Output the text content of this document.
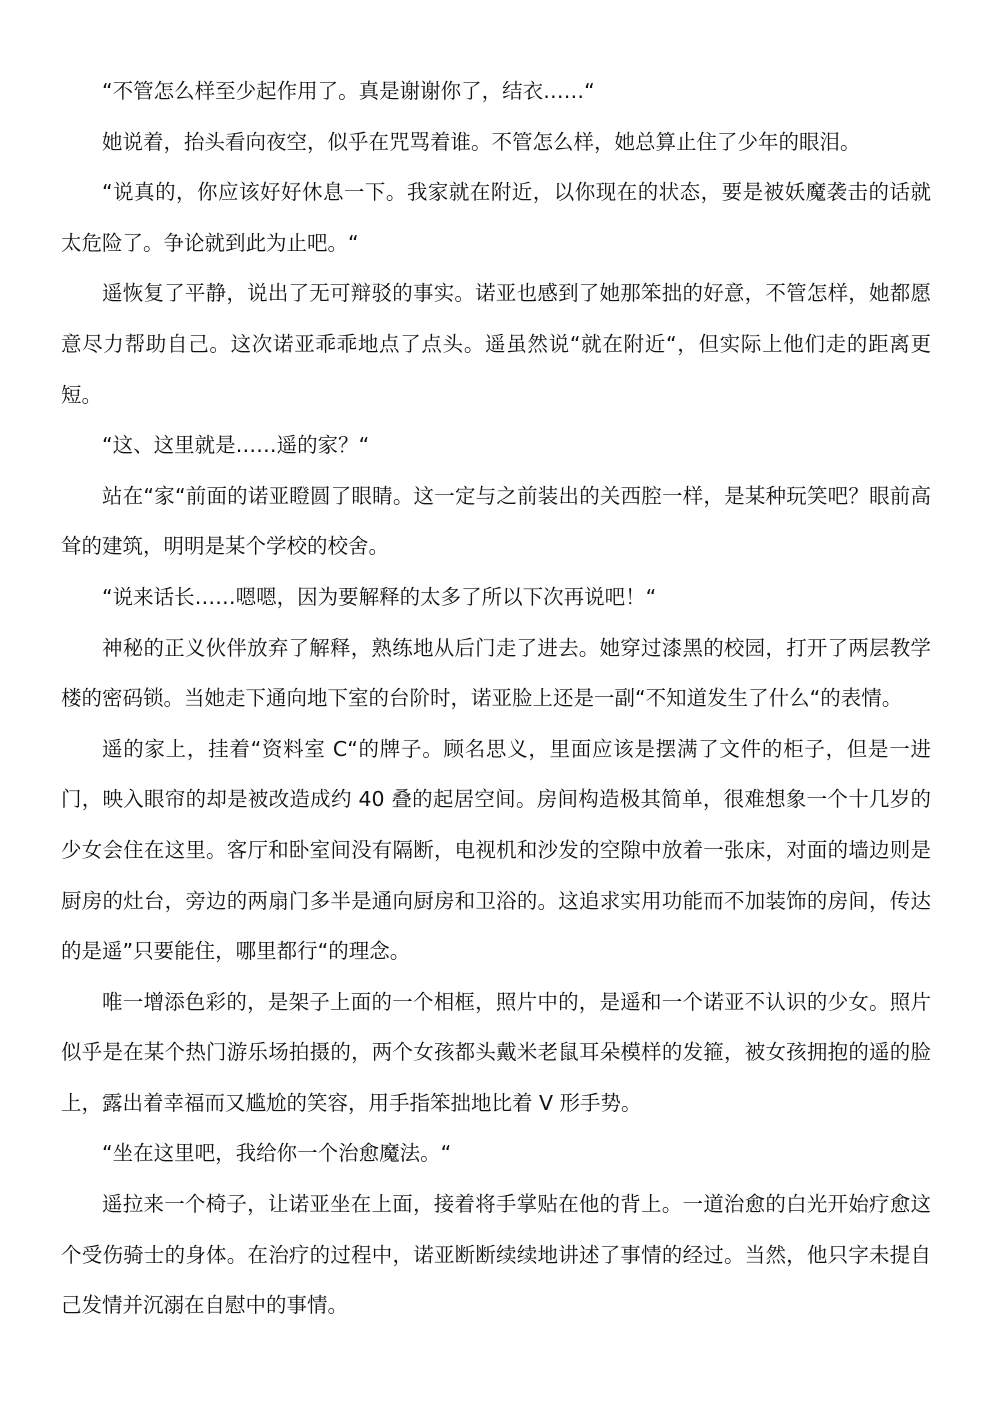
“不管怎么样至少起作用了。真是谢谢你了，结衣……“

她说着，抬头看向夜空，似乎在咒骂着谁。不管怎么样，她总算止住了少年的眼泪。

“说真的，你应该好好休息一下。我家就在附近，以你现在的状态，要是被妖魔袭击的话就太危险了。争论就到此为止吧。“

遥恢复了平静，说出了无可辩驳的事实。诺亚也感到了她那笨拙的好意，不管怎样，她都愿意尽力帮助自己。这次诺亚乖乖地点了点头。遥虽然说“就在附近“，但实际上他们走的距离更短。

“这、这里就是……遥的家？“

站在“家“前面的诺亚瞪圆了眼睛。这一定与之前装出的关西腔一样，是某种玩笑吧？眼前高耸的建筑，明明是某个学校的校舍。

“说来话长……嗯嗯，因为要解释的太多了所以下次再说吧！“

神秘的正义伙伴放弃了解释，熟练地从后门走了进去。她穿过漆黑的校园，打开了两层教学楼的密码锁。当她走下通向地下室的台阶时，诺亚脸上还是一副“不知道发生了什么“的表情。

遥的家上，挂着“资料室 C“的牌子。顾名思义，里面应该是摆满了文件的柜子，但是一进门，映入眼帘的却是被改造成约 40 叠的起居空间。房间构造极其简单，很难想象一个十几岁的少女会住在这里。客厅和卧室间没有隔断，电视机和沙发的空隙中放着一张床，对面的墙边则是厨房的灶台，旁边的两扇门多半是通向厨房和卫浴的。这追求实用功能而不加装饰的房间，传达的是遥”只要能住，哪里都行“的理念。

唯一增添色彩的，是架子上面的一个相框，照片中的，是遥和一个诺亚不认识的少女。照片似乎是在某个热门游乐场拍摄的，两个女孩都头戴米老鼠耳朵模样的发箍，被女孩拥抱的遥的脸上，露出着幸福而又尴尬的笑容，用手指笨拙地比着 V 形手势。

“坐在这里吧，我给你一个治愈魔法。“

遥拉来一个椅子，让诺亚坐在上面，接着将手掌贴在他的背上。一道治愈的白光开始疗愈这个受伤骑士的身体。在治疗的过程中，诺亚断断续续地讲述了事情的经过。当然，他只字未提自己发情并沉溺在自慰中的事情。
